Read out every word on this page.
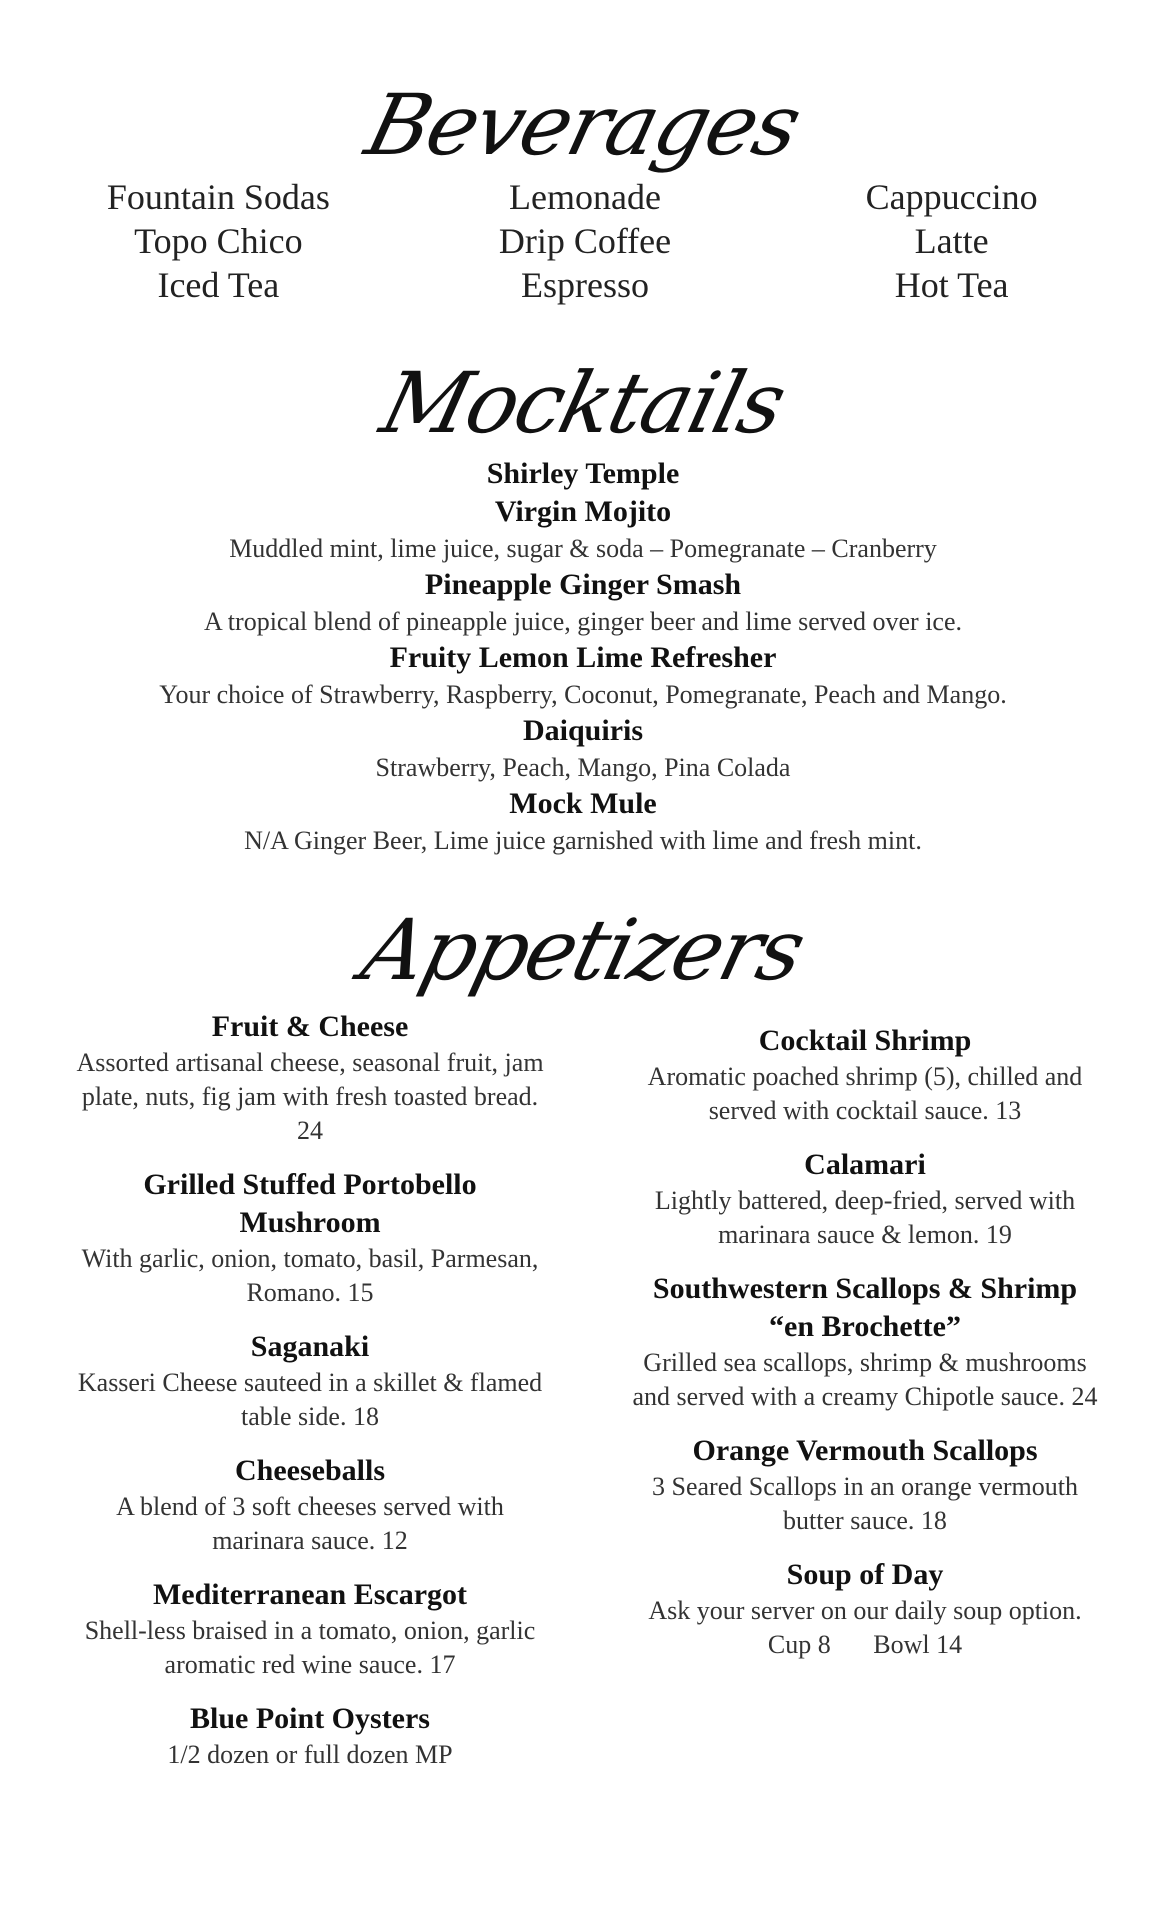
Beverages
Fountain Sodas
Topo Chico
Iced Tea
Lemonade
Drip Coffee
Espresso
Cappuccino
Latte
Hot Tea
Mocktails
Shirley Temple
Virgin Mojito
Muddled mint, lime juice, sugar & soda – Pomegranate – Cranberry
Pineapple Ginger Smash
A tropical blend of pineapple juice, ginger beer and lime served over ice.
Fruity Lemon Lime Refresher
Your choice of Strawberry, Raspberry, Coconut, Pomegranate, Peach and Mango.
Daiquiris
Strawberry, Peach, Mango, Pina Colada
Mock Mule
N/A Ginger Beer, Lime juice garnished with lime and fresh mint.
Appetizers
Fruit & Cheese
Assorted artisanal cheese, seasonal fruit, jam plate, nuts, fig jam with fresh toasted bread. 24
Grilled Stuffed Portobello Mushroom
With garlic, onion, tomato, basil, Parmesan, Romano. 15
Saganaki
Kasseri Cheese sauteed in a skillet & flamed table side. 18
Cheeseballs
A blend of 3 soft cheeses served with marinara sauce. 12
Mediterranean Escargot
Shell-less braised in a tomato, onion, garlic aromatic red wine sauce. 17
Blue Point Oysters
1/2 dozen or full dozen MP
Cocktail Shrimp
Aromatic poached shrimp (5), chilled and served with cocktail sauce. 13
Calamari
Lightly battered, deep-fried, served with marinara sauce & lemon. 19
Southwestern Scallops & Shrimp “en Brochette”
Grilled sea scallops, shrimp & mushrooms and served with a creamy Chipotle sauce. 24
Orange Vermouth Scallops
3 Seared Scallops in an orange vermouth butter sauce. 18
Soup of Day
Ask your server on our daily soup option.
Cup 8 Bowl 14
